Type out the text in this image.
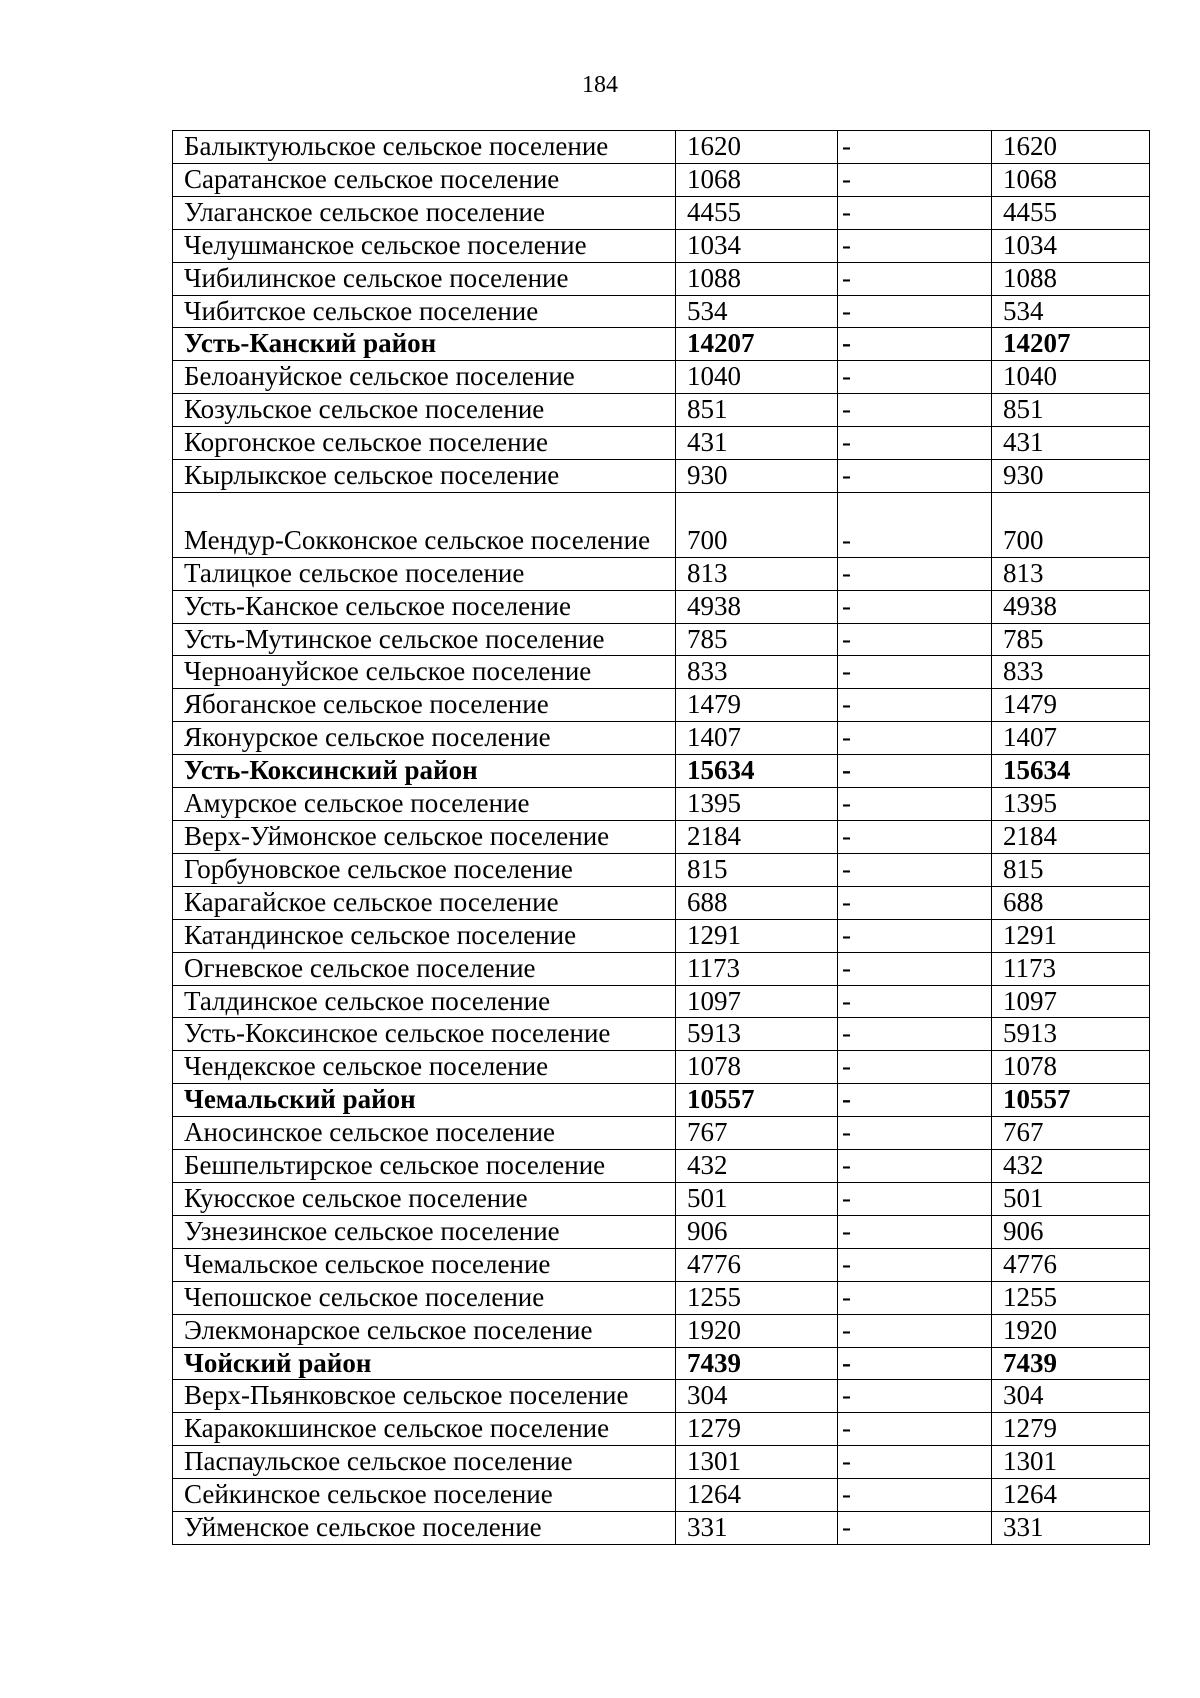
184
Балыктуюльское сельское поселение	1620	-	1620
Саратанское сельское поселение	1068	-	1068
Улаганское сельское поселение	4455	-	4455
Челушманское сельское поселение	1034	-	1034
Чибилинское сельское поселение	1088	-	1088
Чибитское сельское поселение	534	-	534
Усть-Канский район	14207	-	14207
Белоануйское сельское поселение	1040	-	1040
Козульское сельское поселение	851	-	851
Коргонское сельское поселение	431	-	431
Кырлыкское сельское поселение	930	-	930
Мендур-Сокконское сельское поселение	700	-	700
Талицкое сельское поселение	813	-	813
Усть-Канское сельское поселение	4938	-	4938
Усть-Мутинское сельское поселение	785	-	785
Черноануйское сельское поселение	833	-	833
Ябоганское сельское поселение	1479	-	1479
Яконурское сельское поселение	1407	-	1407
Усть-Коксинский район	15634	-	15634
Амурское сельское поселение	1395	-	1395
Верх-Уймонское сельское поселение	2184	-	2184
Горбуновское сельское поселение	815	-	815
Карагайское сельское поселение	688	-	688
Катандинское сельское поселение	1291	-	1291
Огневское сельское поселение	1173	-	1173
Талдинское сельское поселение	1097	-	1097
Усть-Коксинское сельское поселение	5913	-	5913
Чендекское сельское поселение	1078	-	1078
Чемальский район	10557	-	10557
Аносинское сельское поселение	767	-	767
Бешпельтирское сельское поселение	432	-	432
Куюсское сельское поселение	501	-	501
Узнезинское сельское поселение	906	-	906
Чемальское сельское поселение	4776	-	4776
Чепошское сельское поселение	1255	-	1255
Элекмонарское сельское поселение	1920	-	1920
Чойский район	7439	-	7439
Верх-Пьянковское сельское поселение	304	-	304
Каракокшинское сельское поселение	1279	-	1279
Паспаульское сельское поселение	1301	-	1301
Сейкинское сельское поселение	1264	-	1264
Уйменское сельское поселение	331	-	331
